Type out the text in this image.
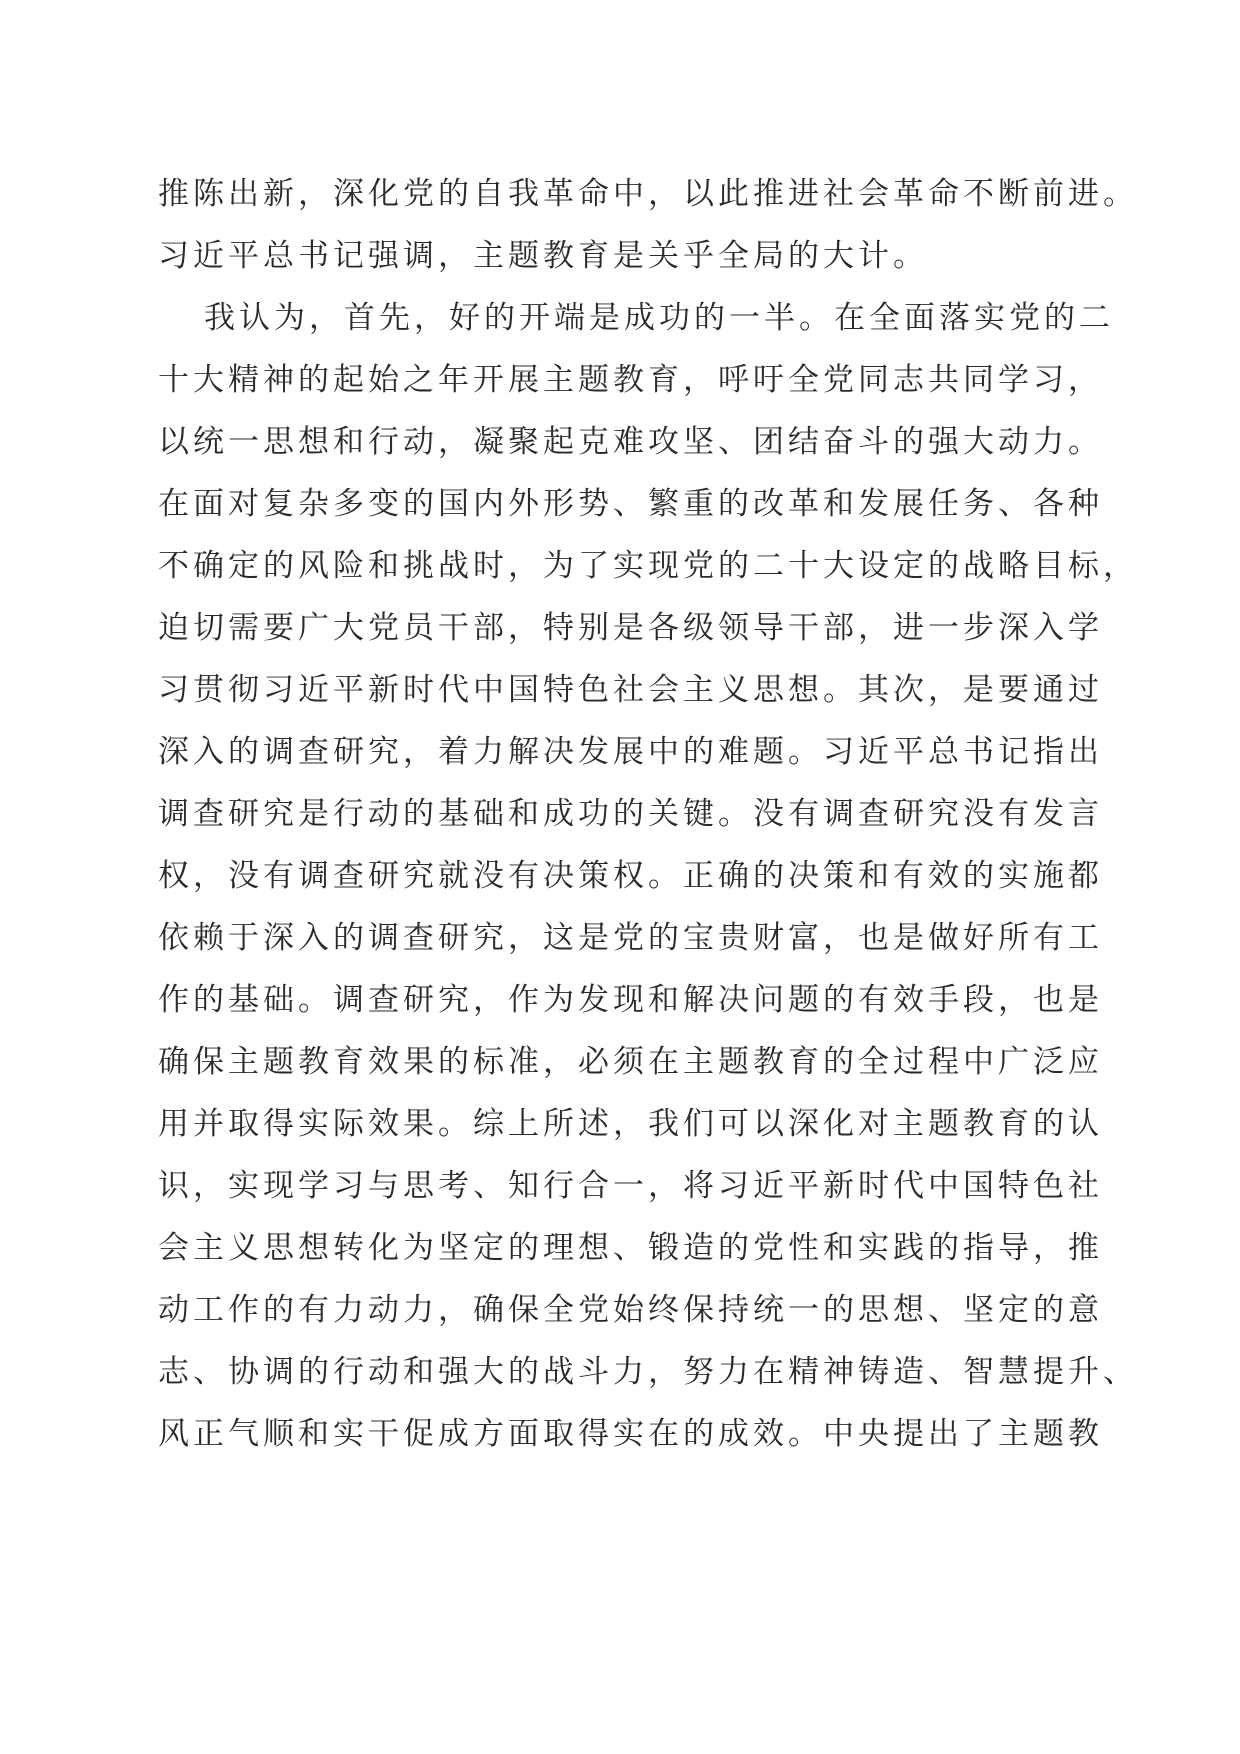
推陈出新，深化党的自我革命中，以此推进社会革命不断前进。
习近平总书记强调，主题教育是关乎全局的大计。
我认为，首先，好的开端是成功的一半。在全面落实党的二
十大精神的起始之年开展主题教育，呼吁全党同志共同学习，
以统一思想和行动，凝聚起克难攻坚、团结奋斗的强大动力。
在面对复杂多变的国内外形势、繁重的改革和发展任务、各种
不确定的风险和挑战时，为了实现党的二十大设定的战略目标，
迫切需要广大党员干部，特别是各级领导干部，进一步深入学
习贯彻习近平新时代中国特色社会主义思想。其次，是要通过
深入的调查研究，着力解决发展中的难题。习近平总书记指出
调查研究是行动的基础和成功的关键。没有调查研究没有发言
权，没有调查研究就没有决策权。正确的决策和有效的实施都
依赖于深入的调查研究，这是党的宝贵财富，也是做好所有工
作的基础。调查研究，作为发现和解决问题的有效手段，也是
确保主题教育效果的标准，必须在主题教育的全过程中广泛应
用并取得实际效果。综上所述，我们可以深化对主题教育的认
识，实现学习与思考、知行合一，将习近平新时代中国特色社
会主义思想转化为坚定的理想、锻造的党性和实践的指导，推
动工作的有力动力，确保全党始终保持统一的思想、坚定的意
志、协调的行动和强大的战斗力，努力在精神铸造、智慧提升、
风正气顺和实干促成方面取得实在的成效。中央提出了主题教
